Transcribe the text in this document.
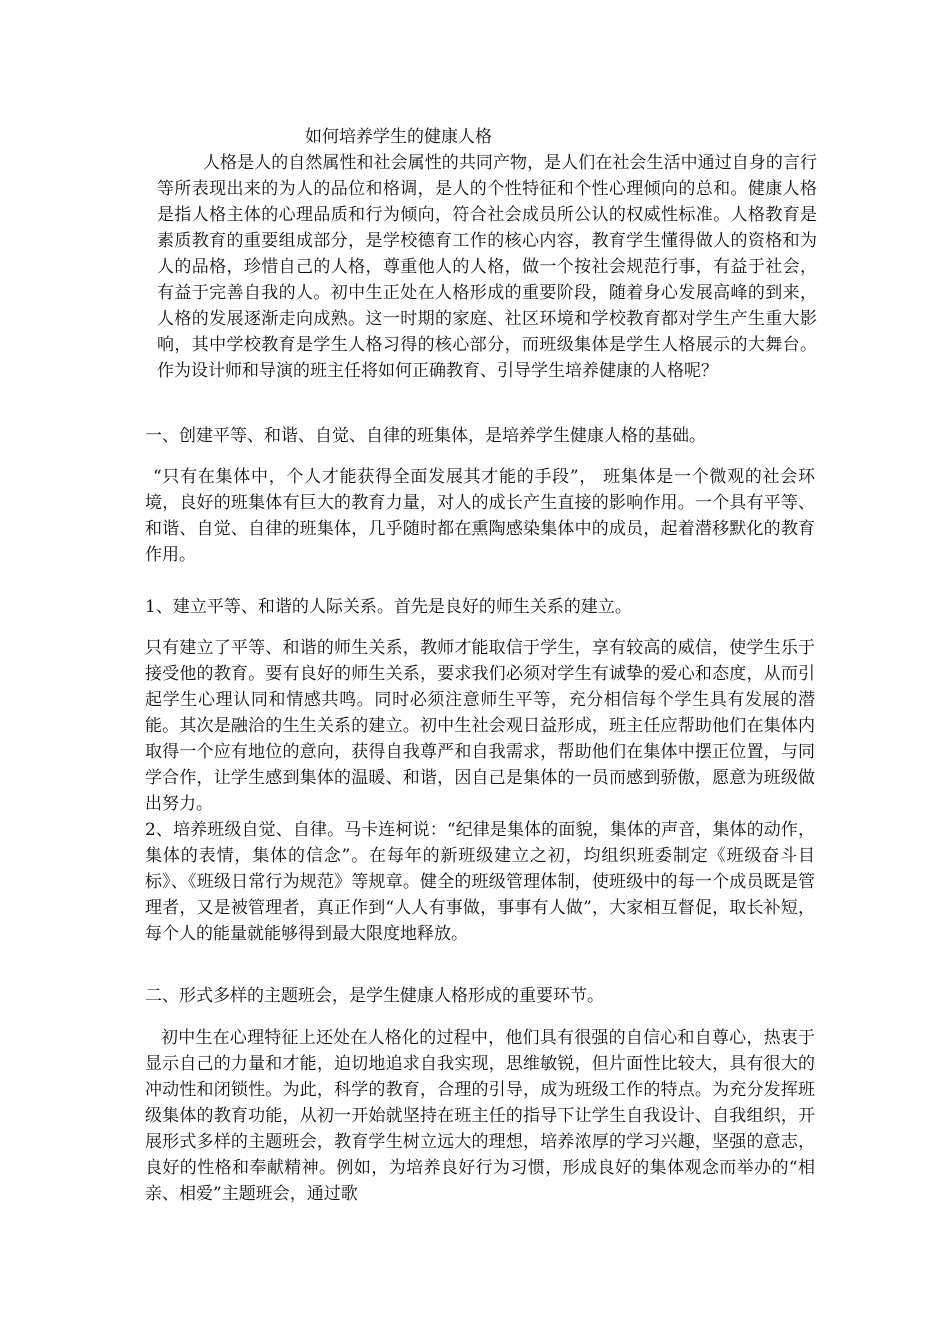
如何培养学生的健康人格

人格是人的自然属性和社会属性的共同产物，是人们在社会生活中通过自身的言行等所表现出来的为人的品位和格调，是人的个性特征和个性心理倾向的总和。健康人格是指人格主体的心理品质和行为倾向，符合社会成员所公认的权威性标准。人格教育是素质教育的重要组成部分，是学校德育工作的核心内容，教育学生懂得做人的资格和为人的品格，珍惜自己的人格，尊重他人的人格，做一个按社会规范行事，有益于社会，有益于完善自我的人。初中生正处在人格形成的重要阶段，随着身心发展高峰的到来，人格的发展逐渐走向成熟。这一时期的家庭、社区环境和学校教育都对学生产生重大影响，其中学校教育是学生人格习得的核心部分，而班级集体是学生人格展示的大舞台。作为设计师和导演的班主任将如何正确教育、引导学生培养健康的人格呢？

一、创建平等、和谐、自觉、自律的班集体，是培养学生健康人格的基础。

“只有在集体中，个人才能获得全面发展其才能的手段”， 班集体是一个微观的社会环境，良好的班集体有巨大的教育力量，对人的成长产生直接的影响作用。一个具有平等、和谐、自觉、自律的班集体，几乎随时都在熏陶感染集体中的成员，起着潜移默化的教育作用。

1、建立平等、和谐的人际关系。首先是良好的师生关系的建立。

只有建立了平等、和谐的师生关系，教师才能取信于学生，享有较高的威信，使学生乐于接受他的教育。要有良好的师生关系，要求我们必须对学生有诚挚的爱心和态度，从而引起学生心理认同和情感共鸣。同时必须注意师生平等，充分相信每个学生具有发展的潜能。其次是融洽的生生关系的建立。初中生社会观日益形成，班主任应帮助他们在集体内取得一个应有地位的意向，获得自我尊严和自我需求，帮助他们在集体中摆正位置，与同学合作，让学生感到集体的温暖、和谐，因自己是集体的一员而感到骄傲，愿意为班级做出努力。

2、培养班级自觉、自律。马卡连柯说：“纪律是集体的面貌，集体的声音，集体的动作，集体的表情，集体的信念”。在每年的新班级建立之初，均组织班委制定《班级奋斗目标》、《班级日常行为规范》等规章。健全的班级管理体制，使班级中的每一个成员既是管理者，又是被管理者，真正作到“人人有事做，事事有人做”，大家相互督促，取长补短，每个人的能量就能够得到最大限度地释放。

二、形式多样的主题班会，是学生健康人格形成的重要环节。

初中生在心理特征上还处在人格化的过程中，他们具有很强的自信心和自尊心，热衷于显示自己的力量和才能，迫切地追求自我实现，思维敏锐，但片面性比较大，具有很大的冲动性和闭锁性。为此，科学的教育，合理的引导，成为班级工作的特点。为充分发挥班级集体的教育功能，从初一开始就坚持在班主任的指导下让学生自我设计、自我组织，开展形式多样的主题班会，教育学生树立远大的理想，培养浓厚的学习兴趣，坚强的意志，良好的性格和奉献精神。例如，为培养良好行为习惯，形成良好的集体观念而举办的“相亲、相爱”主题班会，通过歌
